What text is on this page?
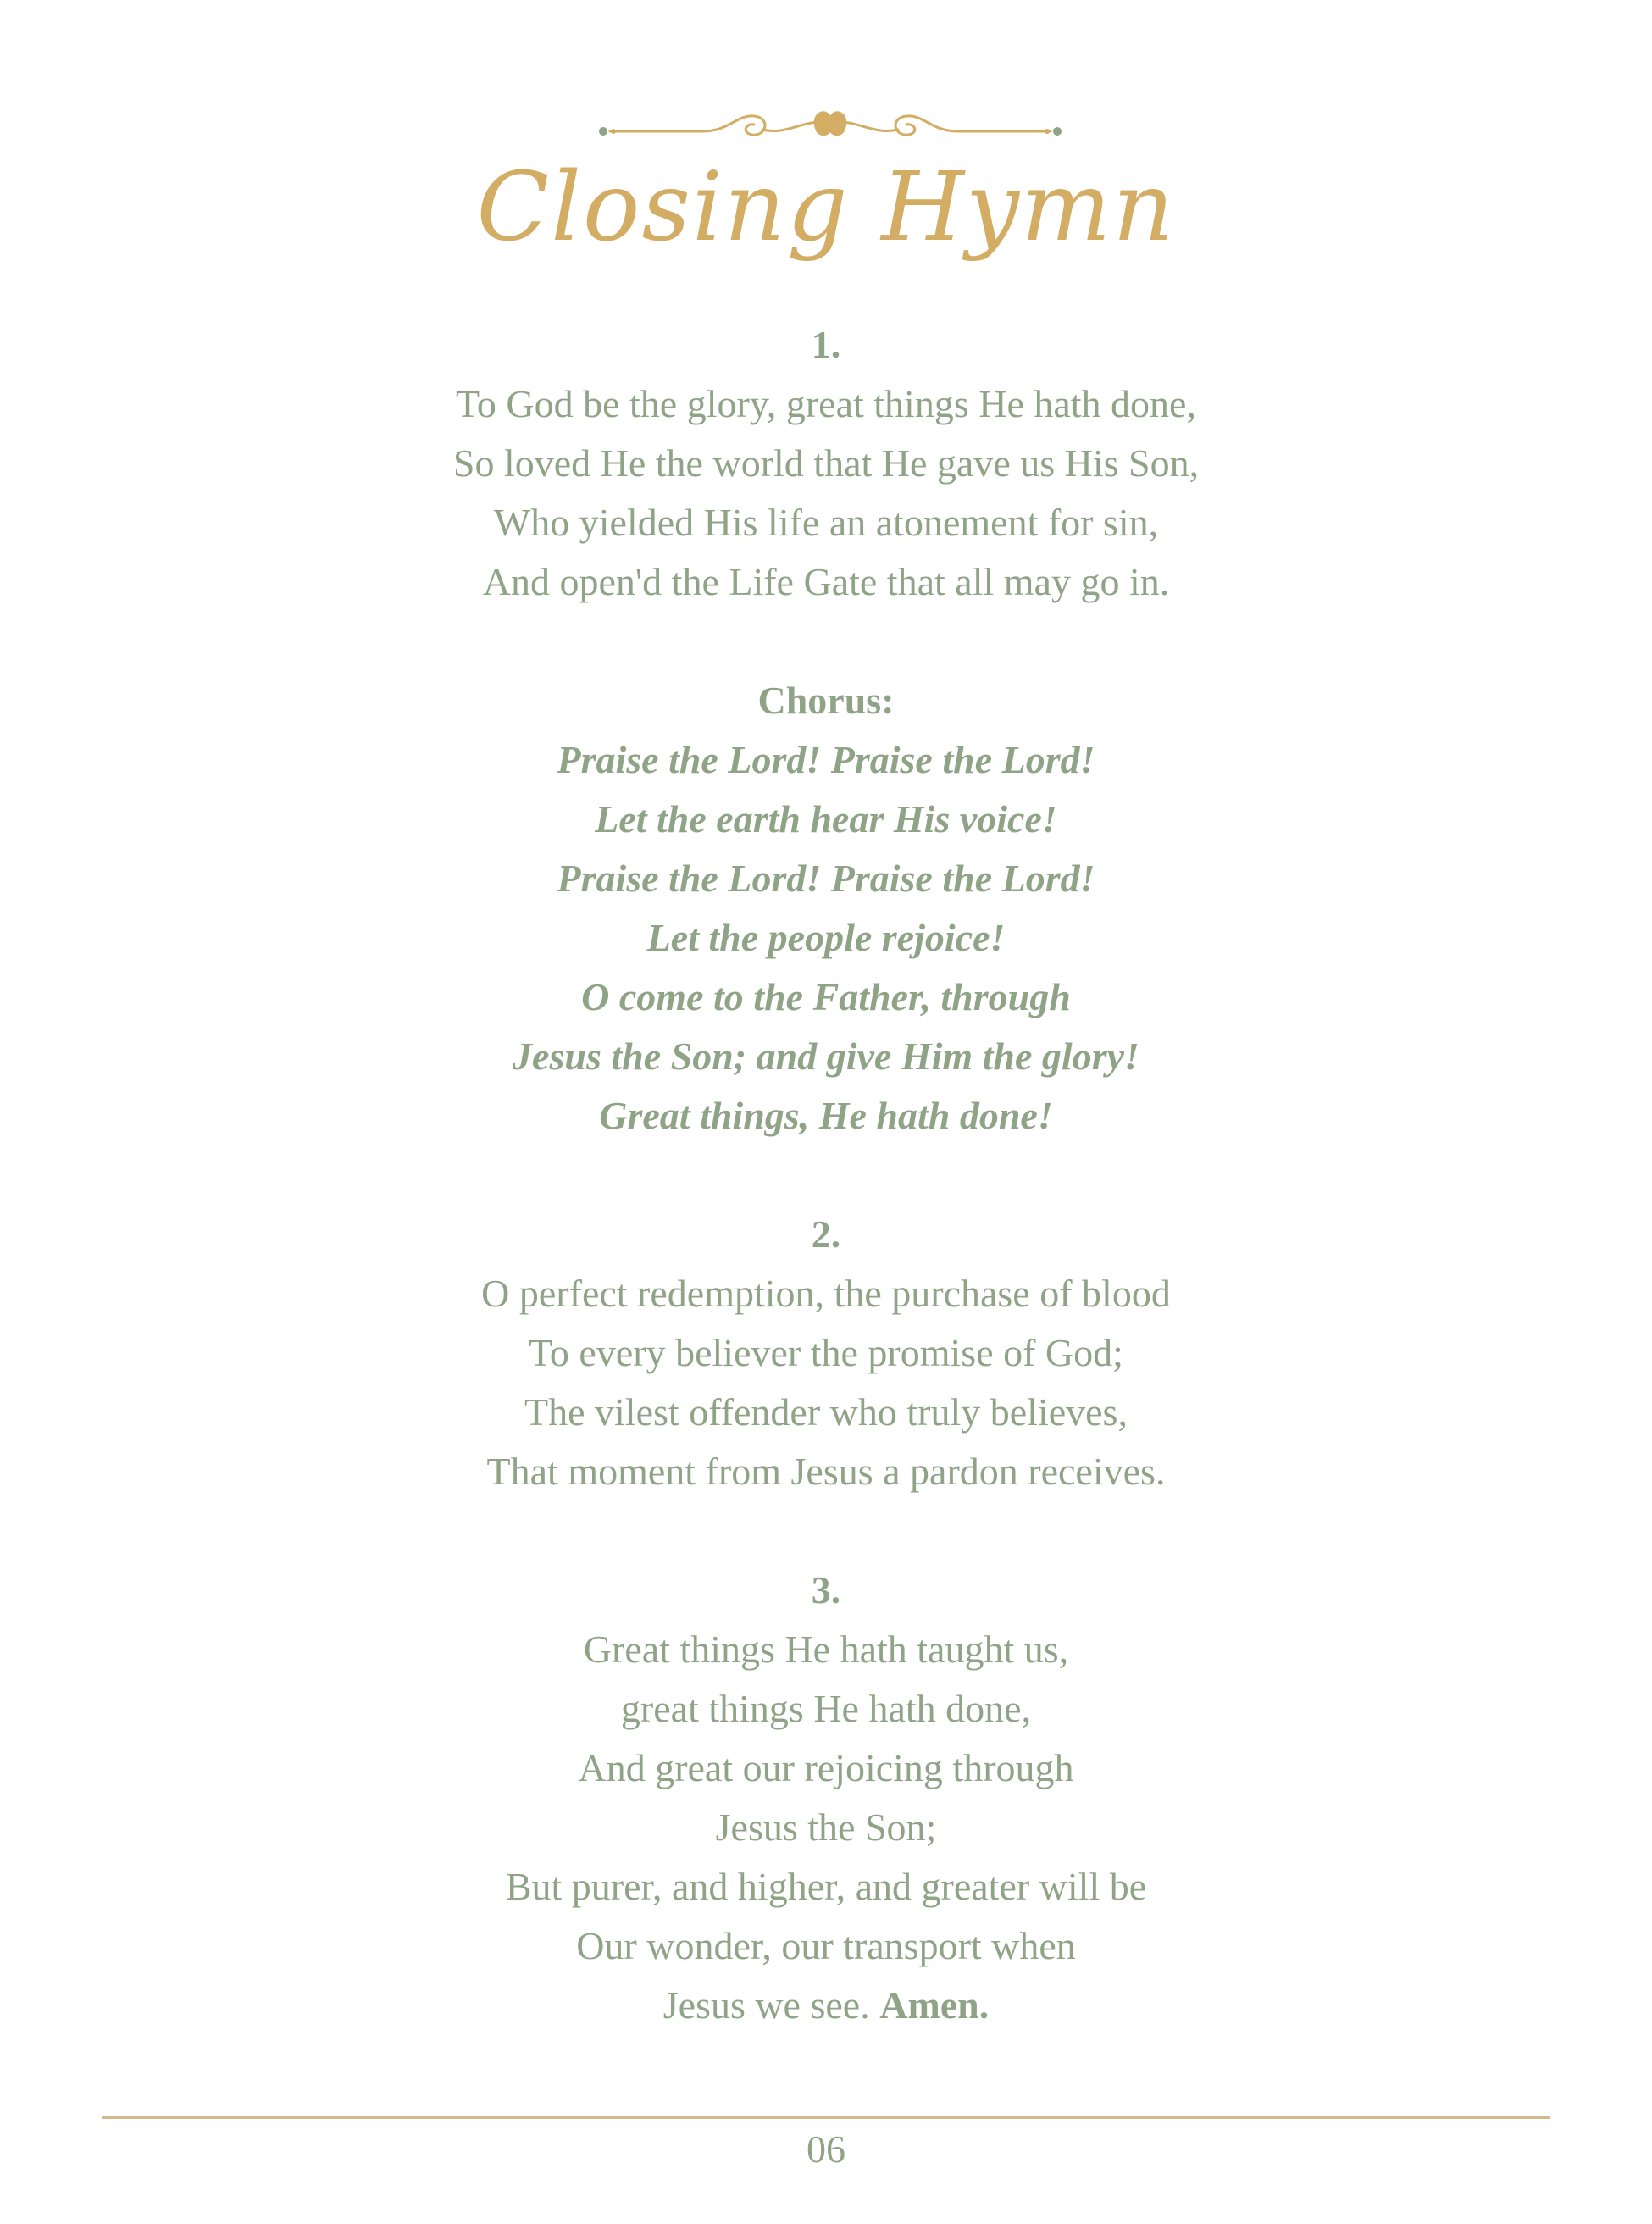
Closing Hymn
1.
To God be the glory, great things He hath done,
So loved He the world that He gave us His Son,
Who yielded His life an atonement for sin,
And open'd the Life Gate that all may go in.
Chorus:
Praise the Lord! Praise the Lord!
Let the earth hear His voice!
Praise the Lord! Praise the Lord!
Let the people rejoice!
O come to the Father, through
Jesus the Son; and give Him the glory!
Great things, He hath done!
2.
O perfect redemption, the purchase of blood
To every believer the promise of God;
The vilest offender who truly believes,
That moment from Jesus a pardon receives.
3.
Great things He hath taught us,
great things He hath done,
And great our rejoicing through
Jesus the Son;
But purer, and higher, and greater will be
Our wonder, our transport when
Jesus we see. Amen.
06
